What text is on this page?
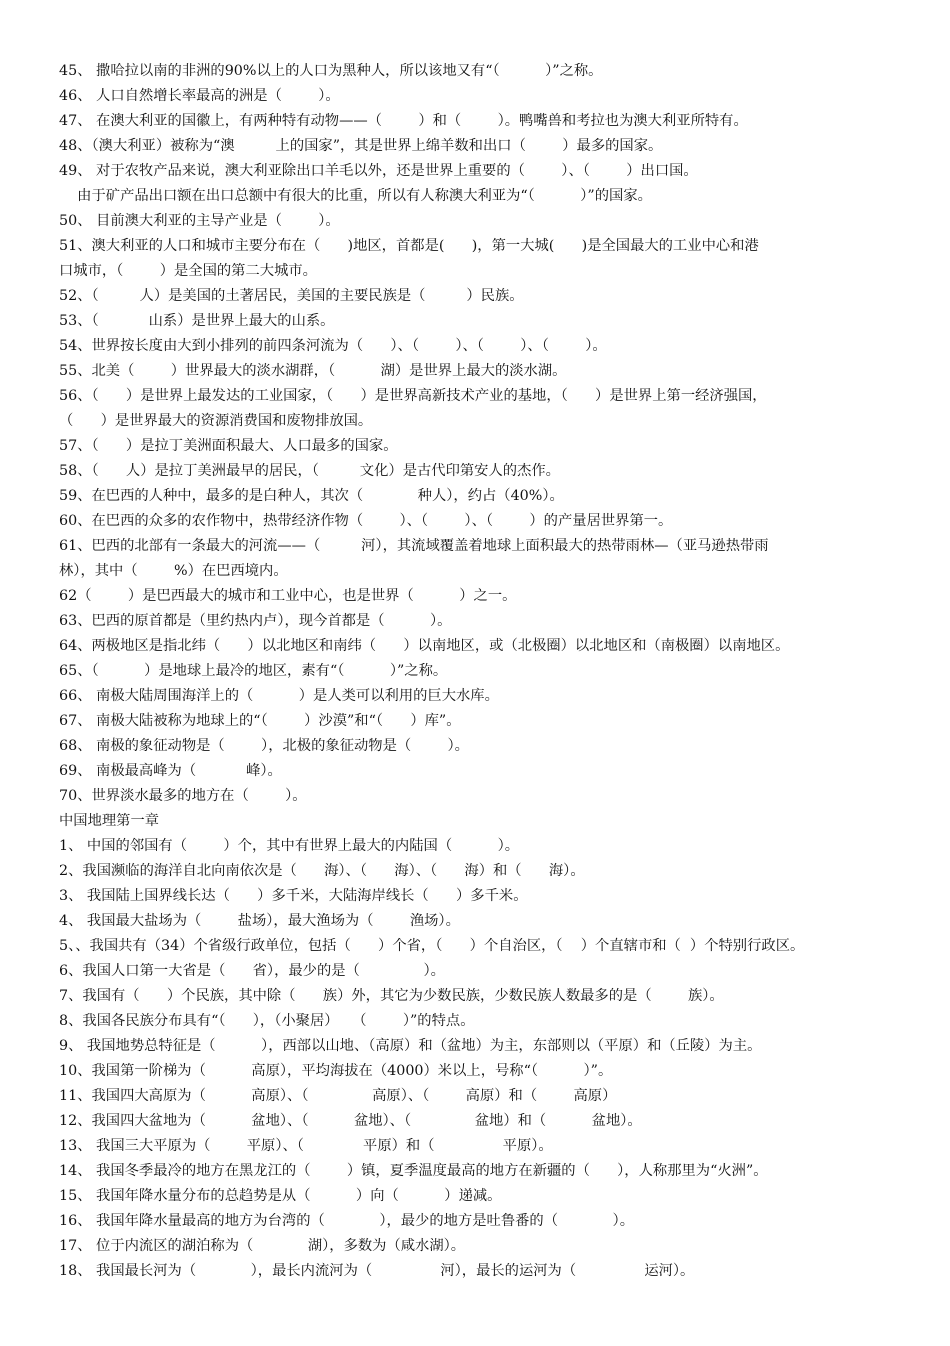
45、 撒哈拉以南的非洲的90%以上的人口为黑种人，所以该地又有“（          ）”之称。
46、 人口自然增长率最高的洲是（        ）。
47、 在澳大利亚的国徽上，有两种特有动物——（        ）和（        ）。鸭嘴兽和考拉也为澳大利亚所特有。
48、（澳大利亚）被称为“澳         上的国家”，其是世界上绵羊数和出口（        ）最多的国家。
49、 对于农牧产品来说，澳大利亚除出口羊毛以外，还是世界上重要的（        ）、（        ）出口国。
由于矿产品出口额在出口总额中有很大的比重，所以有人称澳大利亚为“（          ）”的国家。
50、 目前澳大利亚的主导产业是（        ）。
51、澳大利亚的人口和城市主要分布在（      )地区，首都是(      )，第一大城(      )是全国最大的工业中心和港
口城市，（        ）是全国的第二大城市。
52、（         人）是美国的土著居民，美国的主要民族是（         ）民族。
53、（           山系）是世界上最大的山系。
54、世界按长度由大到小排列的前四条河流为（      ）、（        ）、（        ）、（        ）。
55、北美（        ）世界最大的淡水湖群，（          湖）是世界上最大的淡水湖。
56、（      ）是世界上最发达的工业国家，（      ）是世界高新技术产业的基地，（      ）是世界上第一经济强国，
（      ）是世界最大的资源消费国和废物排放国。
57、（      ）是拉丁美洲面积最大、人口最多的国家。
58、（      人）是拉丁美洲最早的居民，（         文化）是古代印第安人的杰作。
59、在巴西的人种中，最多的是白种人，其次（            种人），约占（40%）。
60、在巴西的众多的农作物中，热带经济作物（        ）、（        ）、（        ）的产量居世界第一。
61、巴西的北部有一条最大的河流——（         河），其流域覆盖着地球上面积最大的热带雨林—（亚马逊热带雨
林），其中（        %）在巴西境内。
62（        ）是巴西最大的城市和工业中心，也是世界（          ）之一。
63、巴西的原首都是（里约热内卢），现今首都是（          ）。
64、两极地区是指北纬（      ）以北地区和南纬（      ）以南地区，或（北极圈）以北地区和（南极圈）以南地区。
65、（          ）是地球上最冷的地区，素有“（          ）”之称。
66、 南极大陆周围海洋上的（          ）是人类可以利用的巨大水库。
67、 南极大陆被称为地球上的“（        ）沙漠”和“（      ）库”。
68、 南极的象征动物是（        ），北极的象征动物是（        ）。
69、 南极最高峰为（           峰）。
70、世界淡水最多的地方在（        ）。
中国地理第一章
1、 中国的邻国有（        ）个，其中有世界上最大的内陆国（          ）。
2、我国濒临的海洋自北向南依次是（      海）、（      海）、（      海）和（      海）。
3、 我国陆上国界线长达（      ）多千米，大陆海岸线长（      ）多千米。
4、 我国最大盐场为（        盐场），最大渔场为（        渔场）。
5、、我国共有（34）个省级行政单位，包括（      ）个省，（      ）个自治区，（    ）个直辖市和（  ）个特别行政区。
6、我国人口第一大省是（      省），最少的是（              ）。
7、我国有（      ）个民族，其中除（      族）外，其它为少数民族，少数民族人数最多的是（        族）。
8、我国各民族分布具有“（      ），（小聚居）   （        ）”的特点。
9、 我国地势总特征是（          ），西部以山地、（高原）和（盆地）为主，东部则以（平原）和（丘陵）为主。
10、我国第一阶梯为（          高原），平均海拔在（4000）米以上，号称“（          ）”。
11、我国四大高原为（          高原）、（              高原）、（        高原）和（        高原）
12、我国四大盆地为（          盆地）、（          盆地）、（              盆地）和（          盆地）。
13、 我国三大平原为（        平原）、（             平原）和（               平原）。
14、 我国冬季最冷的地方在黑龙江的（        ）镇，夏季温度最高的地方在新疆的（      ），人称那里为“火洲”。
15、 我国年降水量分布的总趋势是从（          ）向（          ）递减。
16、 我国年降水量最高的地方为台湾的（            ），最少的地方是吐鲁番的（            ）。
17、 位于内流区的湖泊称为（            湖），多数为（咸水湖）。
18、 我国最长河为（            ），最长内流河为（               河），最长的运河为（               运河）。
